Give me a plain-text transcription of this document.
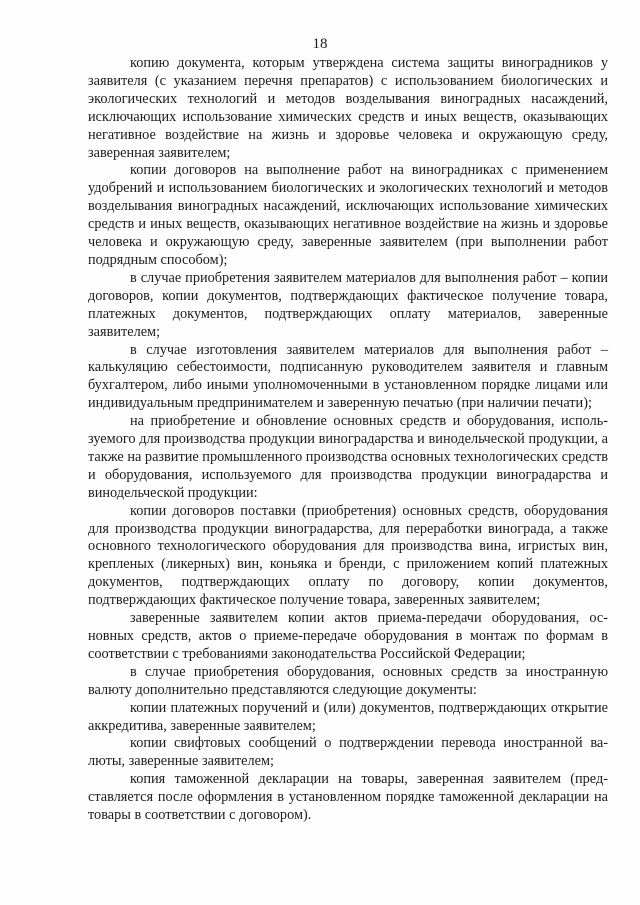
18

копию документа, которым утверждена система защиты виноградников у заявителя (с указанием перечня препаратов) с использованием биологических и экологических технологий и методов возделывания виноградных насаждений, исключающих использование химических средств и иных веществ, оказывающих негативное воздействие на жизнь и здоровье человека и окружающую среду, заверенная заявителем;

копии договоров на выполнение работ на виноградниках с применением удобрений и использованием биологических и экологических технологий и методов возделывания виноградных насаждений, исключающих использование химических средств и иных веществ, оказывающих негативное воздействие на жизнь и здоровье человека и окружающую среду, заверенные заявителем (при выполнении работ подрядным способом);

в случае приобретения заявителем материалов для выполнения работ – копии договоров, копии документов, подтверждающих фактическое получение товара, платежных документов, подтверждающих оплату материалов, заверенные заявителем;

в случае изготовления заявителем материалов для выполнения работ – калькуляцию себестоимости, подписанную руководителем заявителя и главным бухгалтером, либо иными уполномоченными в установленном порядке лицами или индивидуальным предпринимателем и заверенную печатью (при наличии печати);

на приобретение и обновление основных средств и оборудования, используемого для производства продукции виноградарства и винодельческой продукции, а также на развитие промышленного производства основных технологических средств и оборудования, используемого для производства продукции виноградарства и винодельческой продукции:

копии договоров поставки (приобретения) основных средств, оборудования для производства продукции виноградарства, для переработки винограда, а также основного технологического оборудования для производства вина, игристых вин, крепленых (ликерных) вин, коньяка и бренди, с приложением копий платежных документов, подтверждающих оплату по договору, копии документов, подтверждающих фактическое получение товара, заверенных заявителем;

заверенные заявителем копии актов приема-передачи оборудования, основных средств, актов о приеме-передаче оборудования в монтаж по формам в соответствии с требованиями законодательства Российской Федерации;

в случае приобретения оборудования, основных средств за иностранную валюту дополнительно представляются следующие документы:

копии платежных поручений и (или) документов, подтверждающих открытие аккредитива, заверенные заявителем;

копии свифтовых сообщений о подтверждении перевода иностранной валюты, заверенные заявителем;

копия таможенной декларации на товары, заверенная заявителем (представляется после оформления в установленном порядке таможенной декларации на товары в соответствии с договором).
